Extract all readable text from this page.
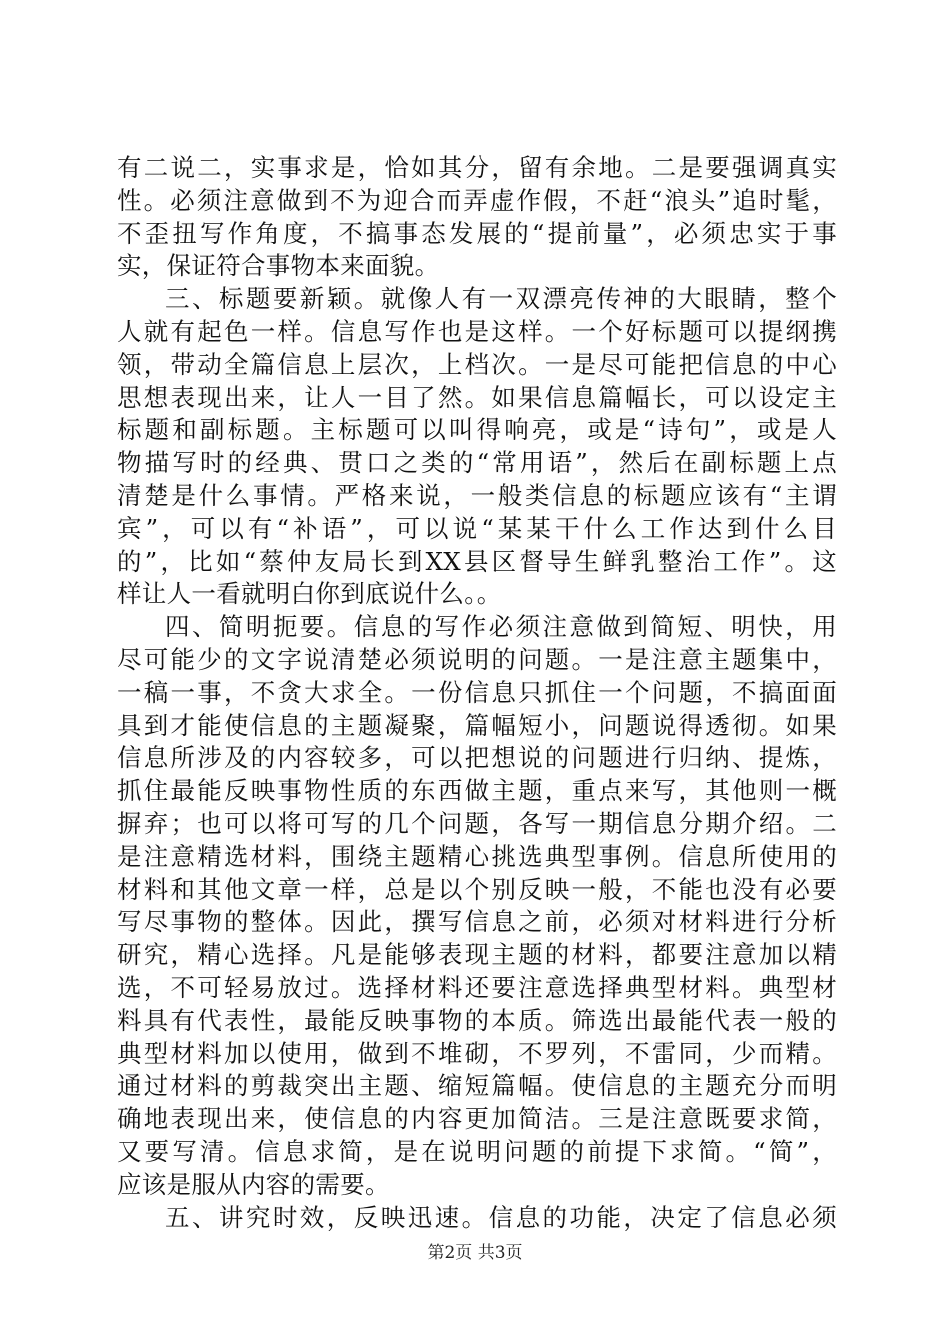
有二说二，实事求是，恰如其分，留有余地。二是要强调真实
性。必须注意做到不为迎合而弄虚作假，不赶“浪头”追时髦，
不歪扭写作角度，不搞事态发展的“提前量”，必须忠实于事
实，保证符合事物本来面貌。
三、标题要新颖。就像人有一双漂亮传神的大眼睛，整个
人就有起色一样。信息写作也是这样。一个好标题可以提纲携
领，带动全篇信息上层次，上档次。一是尽可能把信息的中心
思想表现出来，让人一目了然。如果信息篇幅长，可以设定主
标题和副标题。主标题可以叫得响亮，或是“诗句”，或是人
物描写时的经典、贯口之类的“常用语”，然后在副标题上点
清楚是什么事情。严格来说，一般类信息的标题应该有“主谓
宾”，可以有“补语”，可以说“某某干什么工作达到什么目
的”，比如“蔡仲友局长到XX县区督导生鲜乳整治工作”。这
样让人一看就明白你到底说什么。。
四、简明扼要。信息的写作必须注意做到简短、明快，用
尽可能少的文字说清楚必须说明的问题。一是注意主题集中，
一稿一事，不贪大求全。一份信息只抓住一个问题，不搞面面
具到才能使信息的主题凝聚，篇幅短小，问题说得透彻。如果
信息所涉及的内容较多，可以把想说的问题进行归纳、提炼，
抓住最能反映事物性质的东西做主题，重点来写，其他则一概
摒弃；也可以将可写的几个问题，各写一期信息分期介绍。二
是注意精选材料，围绕主题精心挑选典型事例。信息所使用的
材料和其他文章一样，总是以个别反映一般，不能也没有必要
写尽事物的整体。因此，撰写信息之前，必须对材料进行分析
研究，精心选择。凡是能够表现主题的材料，都要注意加以精
选，不可轻易放过。选择材料还要注意选择典型材料。典型材
料具有代表性，最能反映事物的本质。筛选出最能代表一般的
典型材料加以使用，做到不堆砌，不罗列，不雷同，少而精。
通过材料的剪裁突出主题、缩短篇幅。使信息的主题充分而明
确地表现出来，使信息的内容更加简洁。三是注意既要求简，
又要写清。信息求简，是在说明问题的前提下求简。“简”，
应该是服从内容的需要。
五、讲究时效，反映迅速。信息的功能，决定了信息必须
第2页 共3页
